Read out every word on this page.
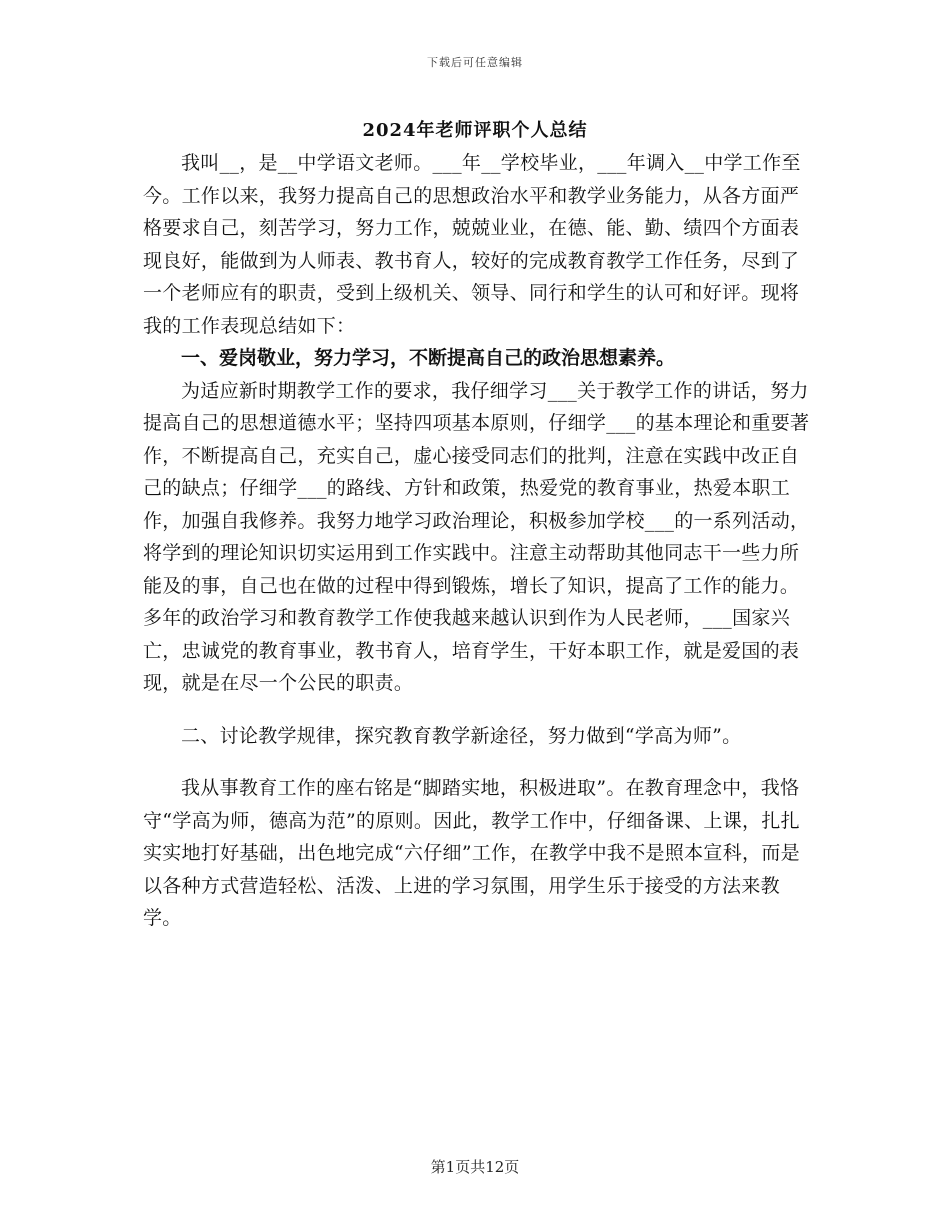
下载后可任意编辑
2024年老师评职个人总结

我叫__，是__中学语文老师。___年__学校毕业，___年调入__中学工作至今。工作以来，我努力提高自己的思想政治水平和教学业务能力，从各方面严格要求自己，刻苦学习，努力工作，兢兢业业，在德、能、勤、绩四个方面表现良好，能做到为人师表、教书育人，较好的完成教育教学工作任务，尽到了一个老师应有的职责，受到上级机关、领导、同行和学生的认可和好评。现将我的工作表现总结如下：

一、爱岗敬业，努力学习，不断提高自己的政治思想素养。

为适应新时期教学工作的要求，我仔细学习___关于教学工作的讲话，努力提高自己的思想道德水平；坚持四项基本原则，仔细学___的基本理论和重要著作，不断提高自己，充实自己，虚心接受同志们的批判，注意在实践中改正自己的缺点；仔细学___的路线、方针和政策，热爱党的教育事业，热爱本职工作，加强自我修养。我努力地学习政治理论，积极参加学校___的一系列活动，将学到的理论知识切实运用到工作实践中。注意主动帮助其他同志干一些力所能及的事，自己也在做的过程中得到锻炼，增长了知识，提高了工作的能力。多年的政治学习和教育教学工作使我越来越认识到作为人民老师，___国家兴亡，忠诚党的教育事业，教书育人，培育学生，干好本职工作，就是爱国的表现，就是在尽一个公民的职责。

二、讨论教学规律，探究教育教学新途径，努力做到“学高为师”。

我从事教育工作的座右铭是“脚踏实地，积极进取”。在教育理念中，我恪守“学高为师，德高为范”的原则。因此，教学工作中，仔细备课、上课，扎扎实实地打好基础，出色地完成“六仔细”工作，在教学中我不是照本宣科，而是以各种方式营造轻松、活泼、上进的学习氛围，用学生乐于接受的方法来教学。

第1页共12页
